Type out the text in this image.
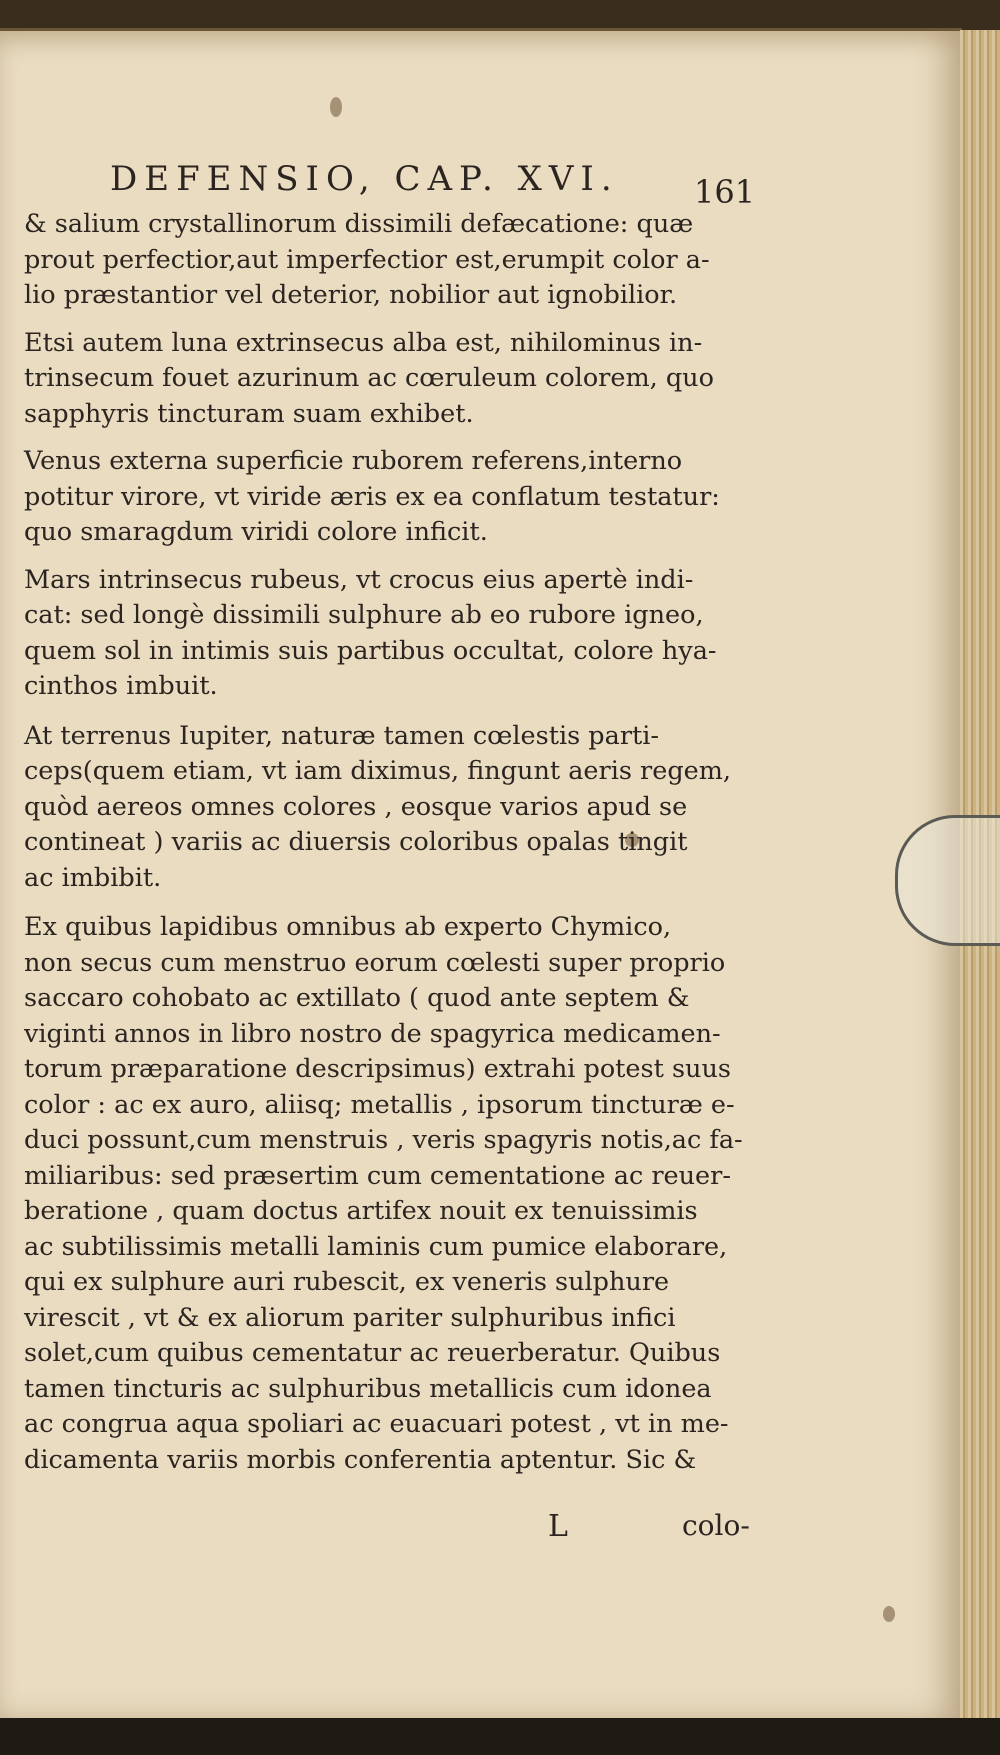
DEFENSIO, CAP. XVI.	161
& salium crystallinorum dissimili defæcatione: quæ
prout perfectior,aut imperfectior est,erumpit color a-
lio præstantior vel deterior, nobilior aut ignobilior.
Etsi autem luna extrinsecus alba est, nihilominus in-
trinsecum fouet azurinum ac cœruleum colorem, quo
sapphyris tincturam suam exhibet.
Venus externa superficie ruborem referens,interno
potitur virore, vt viride æris ex ea conflatum testatur:
quo smaragdum viridi colore inficit.
Mars intrinsecus rubeus, vt crocus eius apertè indi-
cat: sed longè dissimili sulphure ab eo rubore igneo,
quem sol in intimis suis partibus occultat, colore hya-
cinthos imbuit.
At terrenus Iupiter, naturæ tamen cœlestis parti-
ceps(quem etiam, vt iam diximus, fingunt aeris regem,
quòd aereos omnes colores , eosque varios apud se
contineat ) variis ac diuersis coloribus opalas tingit
ac imbibit.
Ex quibus lapidibus omnibus ab experto Chymico,
non secus cum menstruo eorum cœlesti super proprio
saccaro cohobato ac extillato ( quod ante septem &
viginti annos in libro nostro de spagyrica medicamen-
torum præparatione descripsimus) extrahi potest suus
color : ac ex auro, aliisq; metallis , ipsorum tincturæ e-
duci possunt,cum menstruis , veris spagyris notis,ac fa-
miliaribus: sed præsertim cum cementatione ac reuer-
beratione , quam doctus artifex nouit ex tenuissimis
ac subtilissimis metalli laminis cum pumice elaborare,
qui ex sulphure auri rubescit, ex veneris sulphure
virescit , vt & ex aliorum pariter sulphuribus infici
solet,cum quibus cementatur ac reuerberatur. Quibus
tamen tincturis ac sulphuribus metallicis cum idonea
ac congrua aqua spoliari ac euacuari potest , vt in me-
dicamenta variis morbis conferentia aptentur. Sic &
L	colo-
